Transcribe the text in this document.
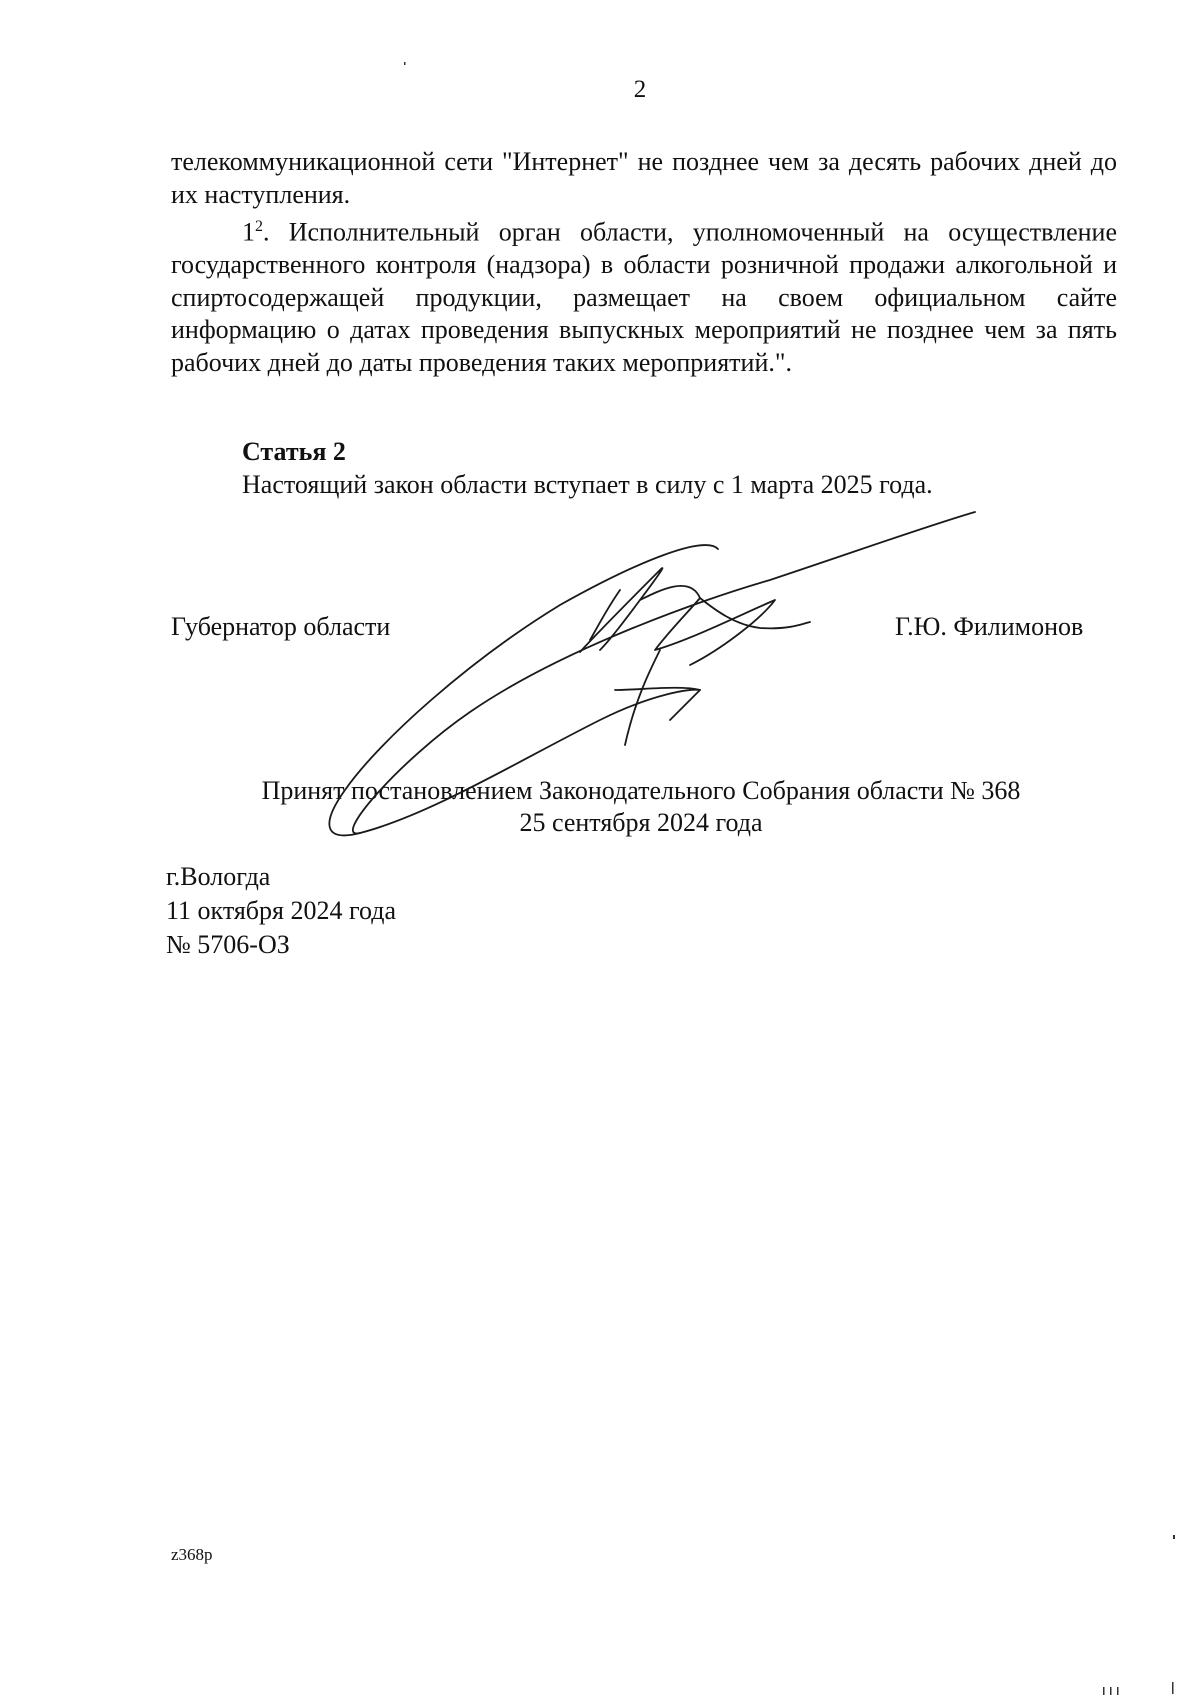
2

телекоммуникационной сети "Интернет" не позднее чем за десять рабочих дней до их наступления.

$1^2$. Исполнительный орган области, уполномоченный на осуществление государственного контроля (надзора) в области розничной продажи алкогольной и спиртосодержащей продукции, размещает на своем официальном сайте информацию о датах проведения выпускных мероприятий не позднее чем за пять рабочих дней до даты проведения таких мероприятий.".

Статья 2
Настоящий закон области вступает в силу с 1 марта 2025 года.
Губернатор области	Г.Ю. Филимонов
Принят постановлением Законодательного Собрания области № 368
25 сентября 2024 года
г.Вологда
11 октября 2024 года
№ 5706-ОЗ
z368p
